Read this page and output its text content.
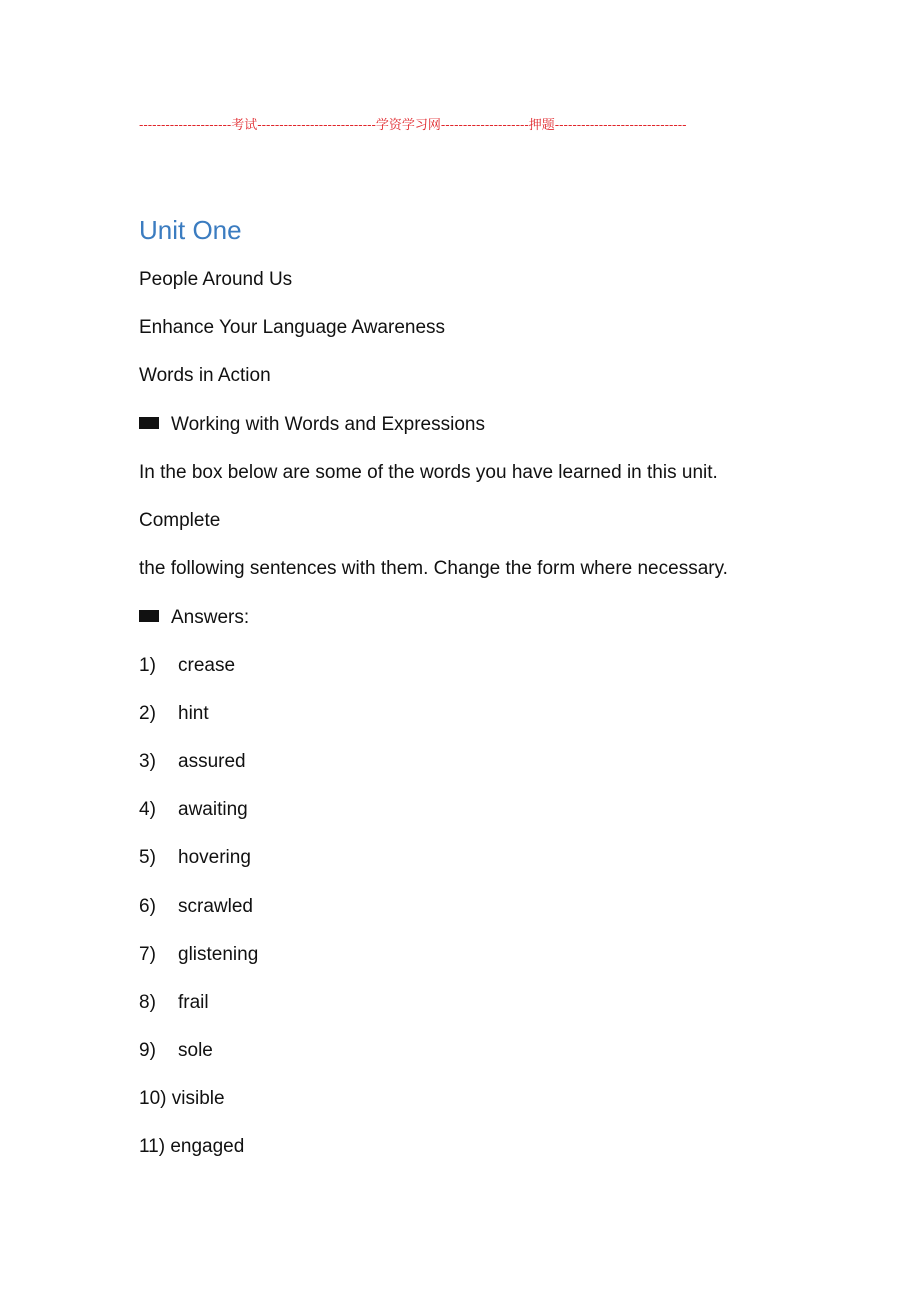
---------------------考试---------------------------学资学习网--------------------押题------------------------------
Unit One
People Around Us
Enhance Your Language Awareness
Words in Action
Working with Words and Expressions
In the box below are some of the words you have learned in this unit.
Complete
the following sentences with them. Change the form where necessary.
Answers:
1) crease
2) hint
3) assured
4) awaiting
5) hovering
6) scrawled
7) glistening
8) frail
9) sole
10) visible
11) engaged
